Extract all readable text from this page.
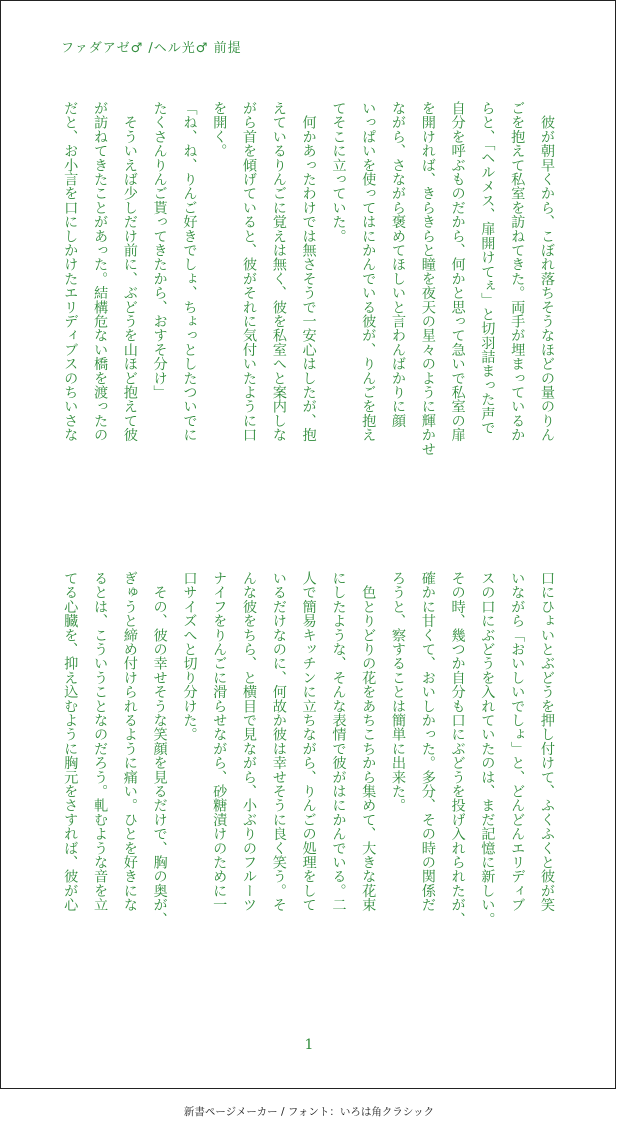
ファダアゼ♂ /ヘル光♂ 前提

　彼が朝早くから、こぼれ落ちそうなほどの量のりん
ごを抱えて私室を訪ねてきた。両手が埋まっているか
らと、「ヘルメス、扉開けてぇ」と切羽詰まった声で
自分を呼ぶものだから、何かと思って急いで私室の扉
を開ければ、きらきらと瞳を夜天の星々のように輝かせ
ながら、さながら褒めてほしいと言わんばかりに顔
いっぱいを使ってはにかんでいる彼が、りんごを抱え
てそこに立っていた。

　何かあったわけでは無さそうで一安心はしたが、抱
えているりんごに覚えは無く、彼を私室へと案内しな
がら首を傾げていると、彼がそれに気付いたように口
を開く。

「ね、ね、りんご好きでしょ、ちょっとしたついでに
たくさんりんご貰ってきたから、おすそ分け」

　そういえば少しだけ前に、ぶどうを山ほど抱えて彼
が訪ねてきたことがあった。結構危ない橋を渡ったの
だと、お小言を口にしかけたエリディブスのちいさな

口にひょいとぶどうを押し付けて、ふくふくと彼が笑
いながら「おいしいでしょ」と、どんどんエリディブ
スの口にぶどうを入れていたのは、まだ記憶に新しい。
その時、幾つか自分も口にぶどうを投げ入れられたが、
確かに甘くて、おいしかった。多分、その時の関係だ
ろうと、察することは簡単に出来た。

　色とりどりの花をあちこちから集めて、大きな花束
にしたような、そんな表情で彼がはにかんでいる。二
人で簡易キッチンに立ちながら、りんごの処理をして
いるだけなのに、何故か彼は幸せそうに良く笑う。そ
んな彼をちら、と横目で見ながら、小ぶりのフルーツ
ナイフをりんごに滑らせながら、砂糖漬けのために一
口サイズへと切り分けた。

　その、彼の幸せそうな笑顔を見るだけで、胸の奥が、
ぎゅうと締め付けられるように痛い。ひとを好きにな
るとは、こういうことなのだろう。軋むような音を立
てる心臓を、抑え込むように胸元をさすれば、彼が心

1
新書ページメーカー / フォント：いろは角クラシック
